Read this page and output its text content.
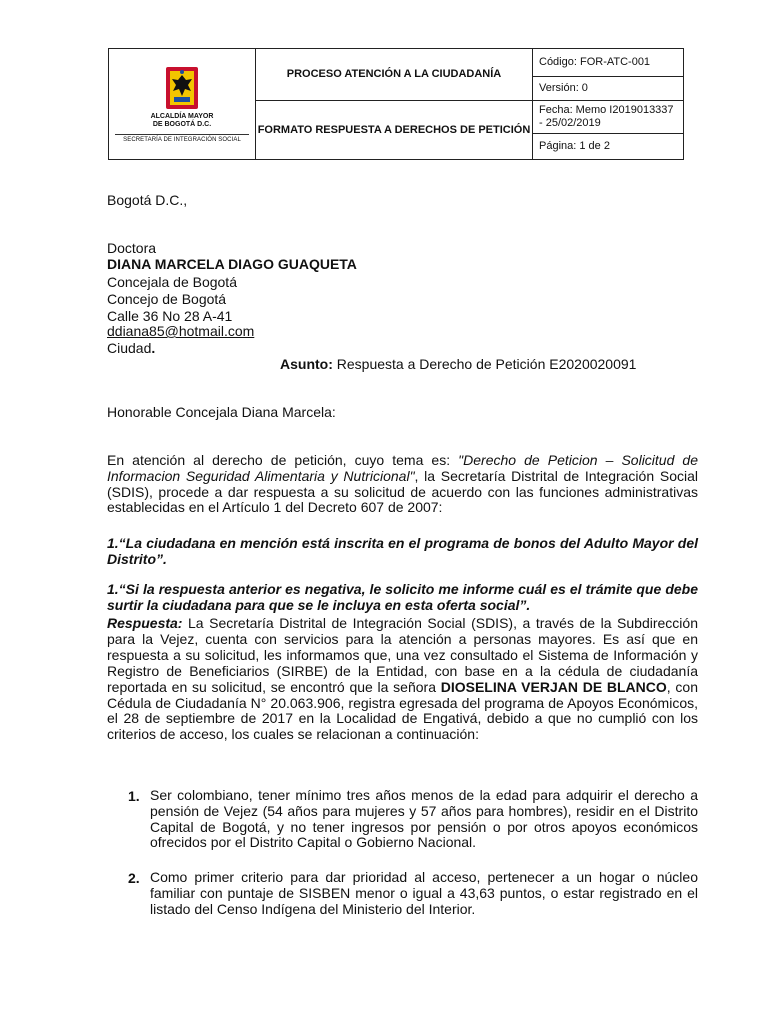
ALCALDÍA MAYOR
DE BOGOTÁ D.C.
SECRETARÍA DE INTEGRACIÓN SOCIAL	PROCESO ATENCIÓN A LA CIUDADANÍA	Código: FOR-ATC-001
		Versión: 0
	FORMATO RESPUESTA A DERECHOS DE PETICIÓN	Fecha: Memo I2019013337
- 25/02/2019

		Página: 1 de 2
Bogotá D.C.,
Doctora
DIANA MARCELA DIAGO GUAQUETA
Concejala de Bogotá
Concejo de Bogotá
Calle 36 No 28 A-41
ddiana85@hotmail.com
Ciudad.
Asunto: Respuesta a Derecho de Petición E2020020091
Honorable Concejala Diana Marcela:
En atención al derecho de petición, cuyo tema es: "Derecho de Peticion – Solicitud de Informacion Seguridad Alimentaria y Nutricional", la Secretaría Distrital de Integración Social (SDIS), procede a dar respuesta a su solicitud de acuerdo con las funciones administrativas establecidas en el Artículo 1 del Decreto 607 de 2007:
1.“La ciudadana en mención está inscrita en el programa de bonos del Adulto Mayor del Distrito”.
1.“Si la respuesta anterior es negativa, le solicito me informe cuál es el trámite que debe surtir la ciudadana para que se le incluya en esta oferta social”.
Respuesta: La Secretaría Distrital de Integración Social (SDIS), a través de la Subdirección para la Vejez, cuenta con servicios para la atención a personas mayores. Es así que en respuesta a su solicitud, les informamos que, una vez consultado el Sistema de Información y Registro de Beneficiarios (SIRBE) de la Entidad, con base en a la cédula de ciudadanía reportada en su solicitud, se encontró que la señora DIOSELINA VERJAN DE BLANCO, con Cédula de Ciudadanía N° 20.063.906, registra egresada del programa de Apoyos Económicos, el 28 de septiembre de 2017 en la Localidad de Engativá, debido a que no cumplió con los criterios de acceso, los cuales se relacionan a continuación:
1. Ser colombiano, tener mínimo tres años menos de la edad para adquirir el derecho a pensión de Vejez (54 años para mujeres y 57 años para hombres), residir en el Distrito Capital de Bogotá, y no tener ingresos por pensión o por otros apoyos económicos ofrecidos por el Distrito Capital o Gobierno Nacional.
2. Como primer criterio para dar prioridad al acceso, pertenecer a un hogar o núcleo familiar con puntaje de SISBEN menor o igual a 43,63 puntos, o estar registrado en el listado del Censo Indígena del Ministerio del Interior.
